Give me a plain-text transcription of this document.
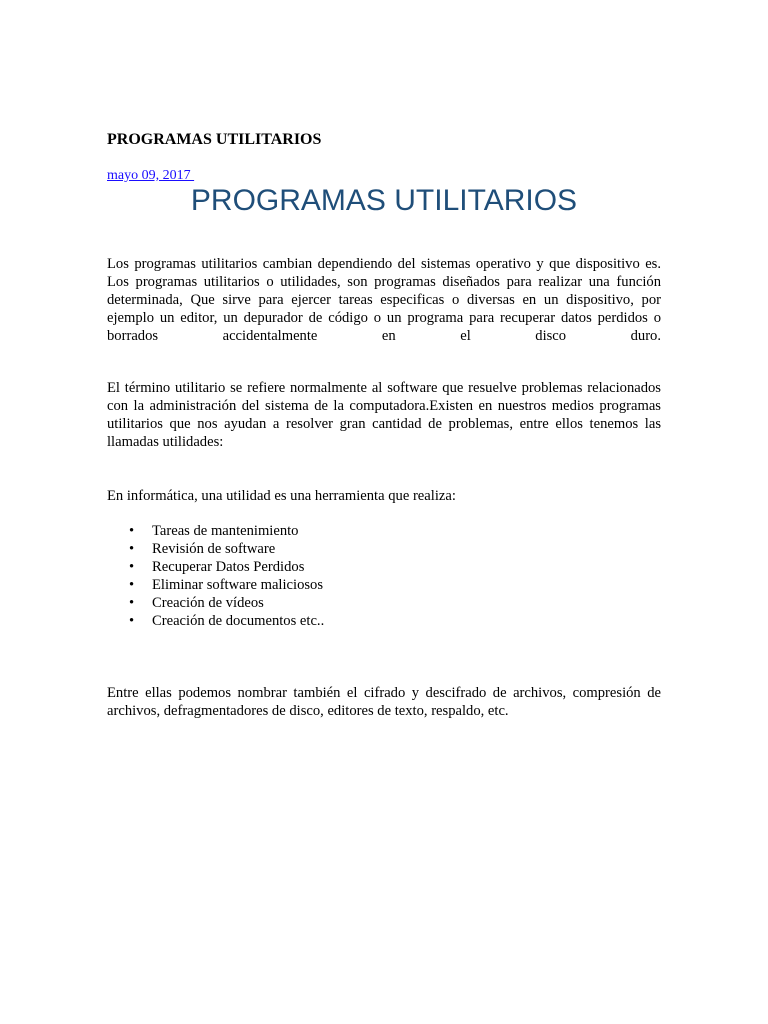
PROGRAMAS UTILITARIOS
mayo 09, 2017
PROGRAMAS UTILITARIOS

Los programas utilitarios cambian dependiendo del sistemas operativo y que dispositivo es. Los programas utilitarios o utilidades, son programas diseñados para realizar una función determinada, Que sirve para ejercer tareas especificas o diversas en un dispositivo, por ejemplo un editor, un depurador de código o un programa para recuperar datos perdidos o borrados accidentalmente en el disco duro.

El término utilitario se refiere normalmente al software que resuelve problemas relacionados con la administración del sistema de la computadora.Existen en nuestros medios programas utilitarios que nos ayudan a resolver gran cantidad de problemas, entre ellos tenemos las llamadas utilidades:

En informática, una utilidad es una herramienta que realiza:

• Tareas de mantenimiento
• Revisión de software
• Recuperar Datos Perdidos
• Eliminar software maliciosos
• Creación de vídeos
• Creación de documentos etc..

Entre ellas podemos nombrar también el cifrado y descifrado de archivos, compresión de archivos, defragmentadores de disco, editores de texto, respaldo, etc.
